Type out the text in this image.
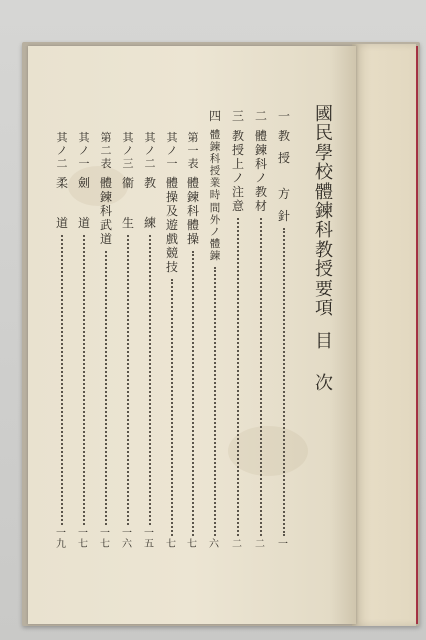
國
民
學
校
體
鍊
科
教
授
要
項
目
次
一
教
授
方
針
二
體
鍊
科
ノ
教
材
三
教
授
上
ノ
注
意
四
體
鍊
科
授
業
時
間
外
ノ
體
鍊
第
一
表
體
鍊
科
體
操
其
ノ
一
體
操
及
遊
戲
競
技
其
ノ
二
教
練
其
ノ
三
衞
生
第
二
表
體
鍊
科
武
道
其
ノ
一
劍
道
其
ノ
二
柔
道
一
二
二
六
七
七
一
五
一
六
一
七
一
七
一
九
